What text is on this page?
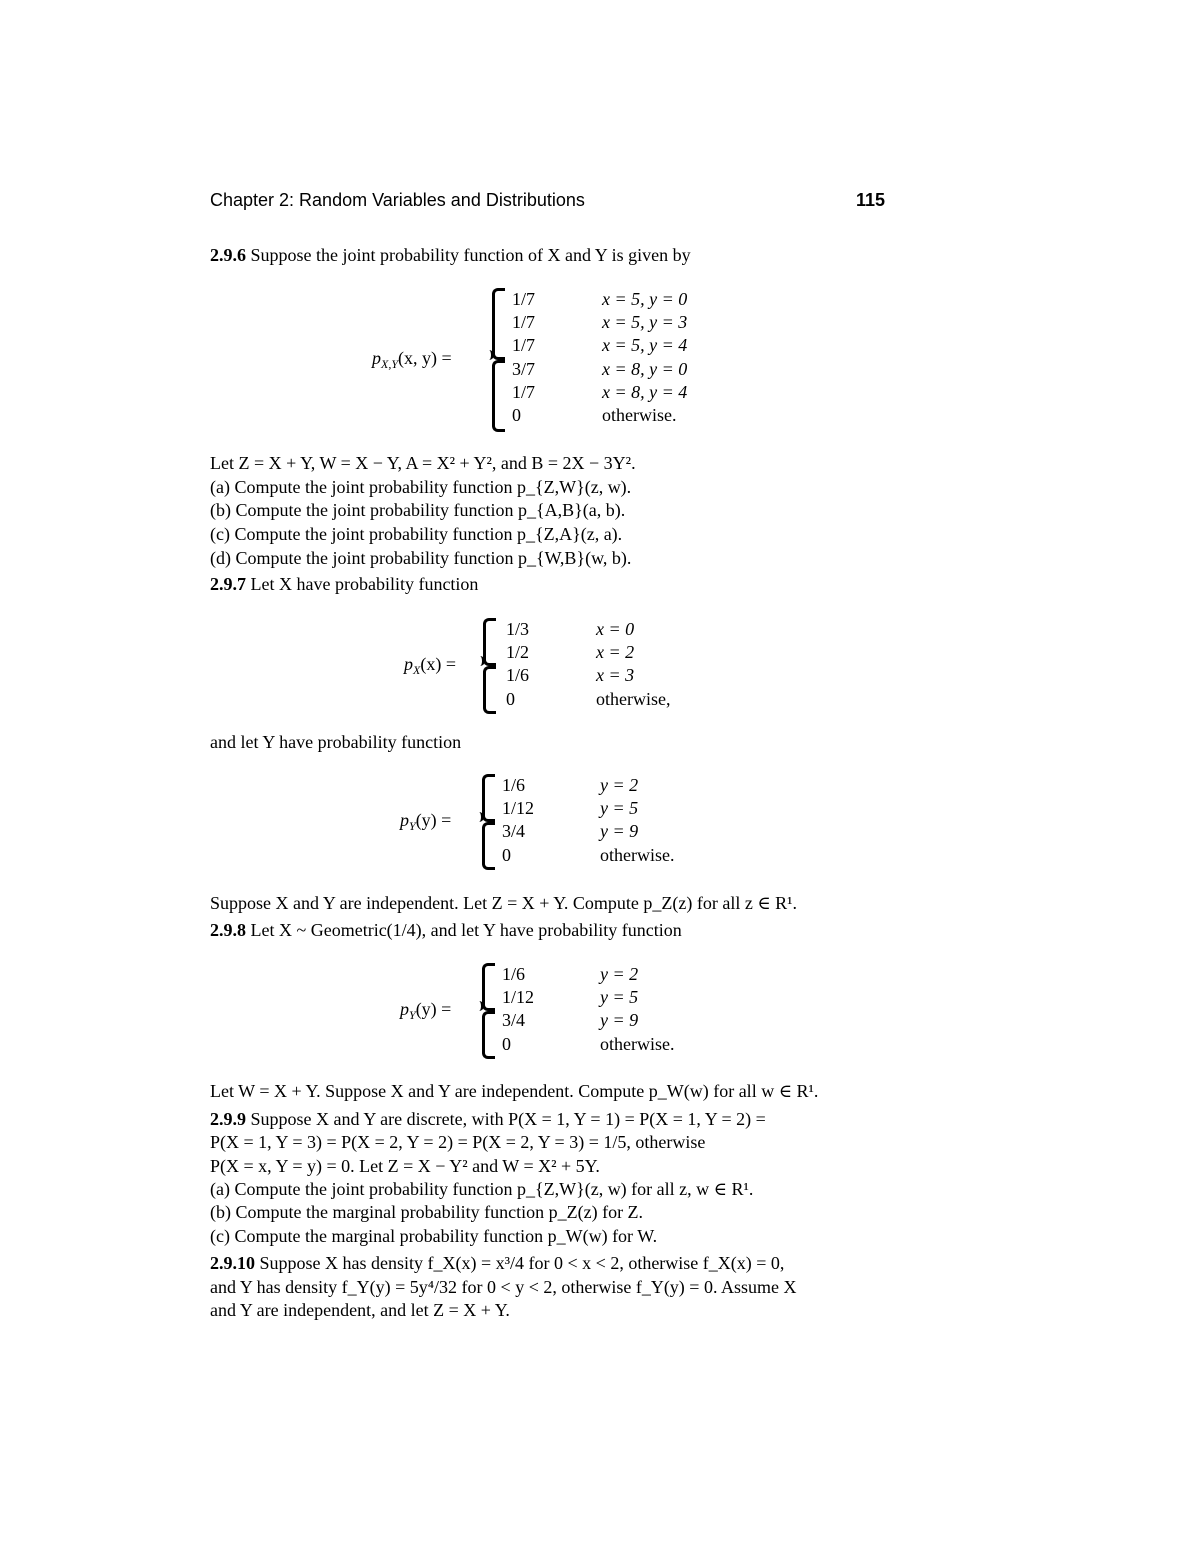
Chapter 2: Random Variables and Distributions	115
2.9.6 Suppose the joint probability function of X and Y is given by
$p_{X,Y}(x$, y) =
1/7	x = 5, y = 0
1/7	x = 5, y = 3
1/7	x = 5, y = 4
3/7	x = 8, y = 0
1/7	x = 8, y = 4
0	otherwise.
Let Z = X + Y, W = X − Y, A = X² + Y², and B = 2X − 3Y².
(a) Compute the joint probability function p_{Z,W}(z, w).
(b) Compute the joint probability function p_{A,B}(a, b).
(c) Compute the joint probability function p_{Z,A}(z, a).
(d) Compute the joint probability function p_{W,B}(w, b).
2.9.7 Let X have probability function
$p_X(x)$ =
1/3	x = 0
1/2	x = 2
1/6	x = 3
0	otherwise,
and let Y have probability function
$p_Y(y)$ =
1/6	y = 2
1/12	y = 5
3/4	y = 9
0	otherwise.
Suppose X and Y are independent. Let Z = X + Y. Compute p_Z(z) for all z ∈ R¹.
2.9.8 Let X ~ Geometric(1/4), and let Y have probability function
$p_Y(y)$ =
1/6	y = 2
1/12	y = 5
3/4	y = 9
0	otherwise.
Let W = X + Y. Suppose X and Y are independent. Compute p_W(w) for all w ∈ R¹.
2.9.9 Suppose X and Y are discrete, with P(X = 1, Y = 1) = P(X = 1, Y = 2) =
P(X = 1, Y = 3) = P(X = 2, Y = 2) = P(X = 2, Y = 3) = 1/5, otherwise
P(X = x, Y = y) = 0. Let Z = X − Y² and W = X² + 5Y.
(a) Compute the joint probability function p_{Z,W}(z, w) for all z, w ∈ R¹.
(b) Compute the marginal probability function p_Z(z) for Z.
(c) Compute the marginal probability function p_W(w) for W.
2.9.10 Suppose X has density f_X(x) = x³/4 for 0 < x < 2, otherwise f_X(x) = 0,
and Y has density f_Y(y) = 5y⁴/32 for 0 < y < 2, otherwise f_Y(y) = 0. Assume X
and Y are independent, and let Z = X + Y.
